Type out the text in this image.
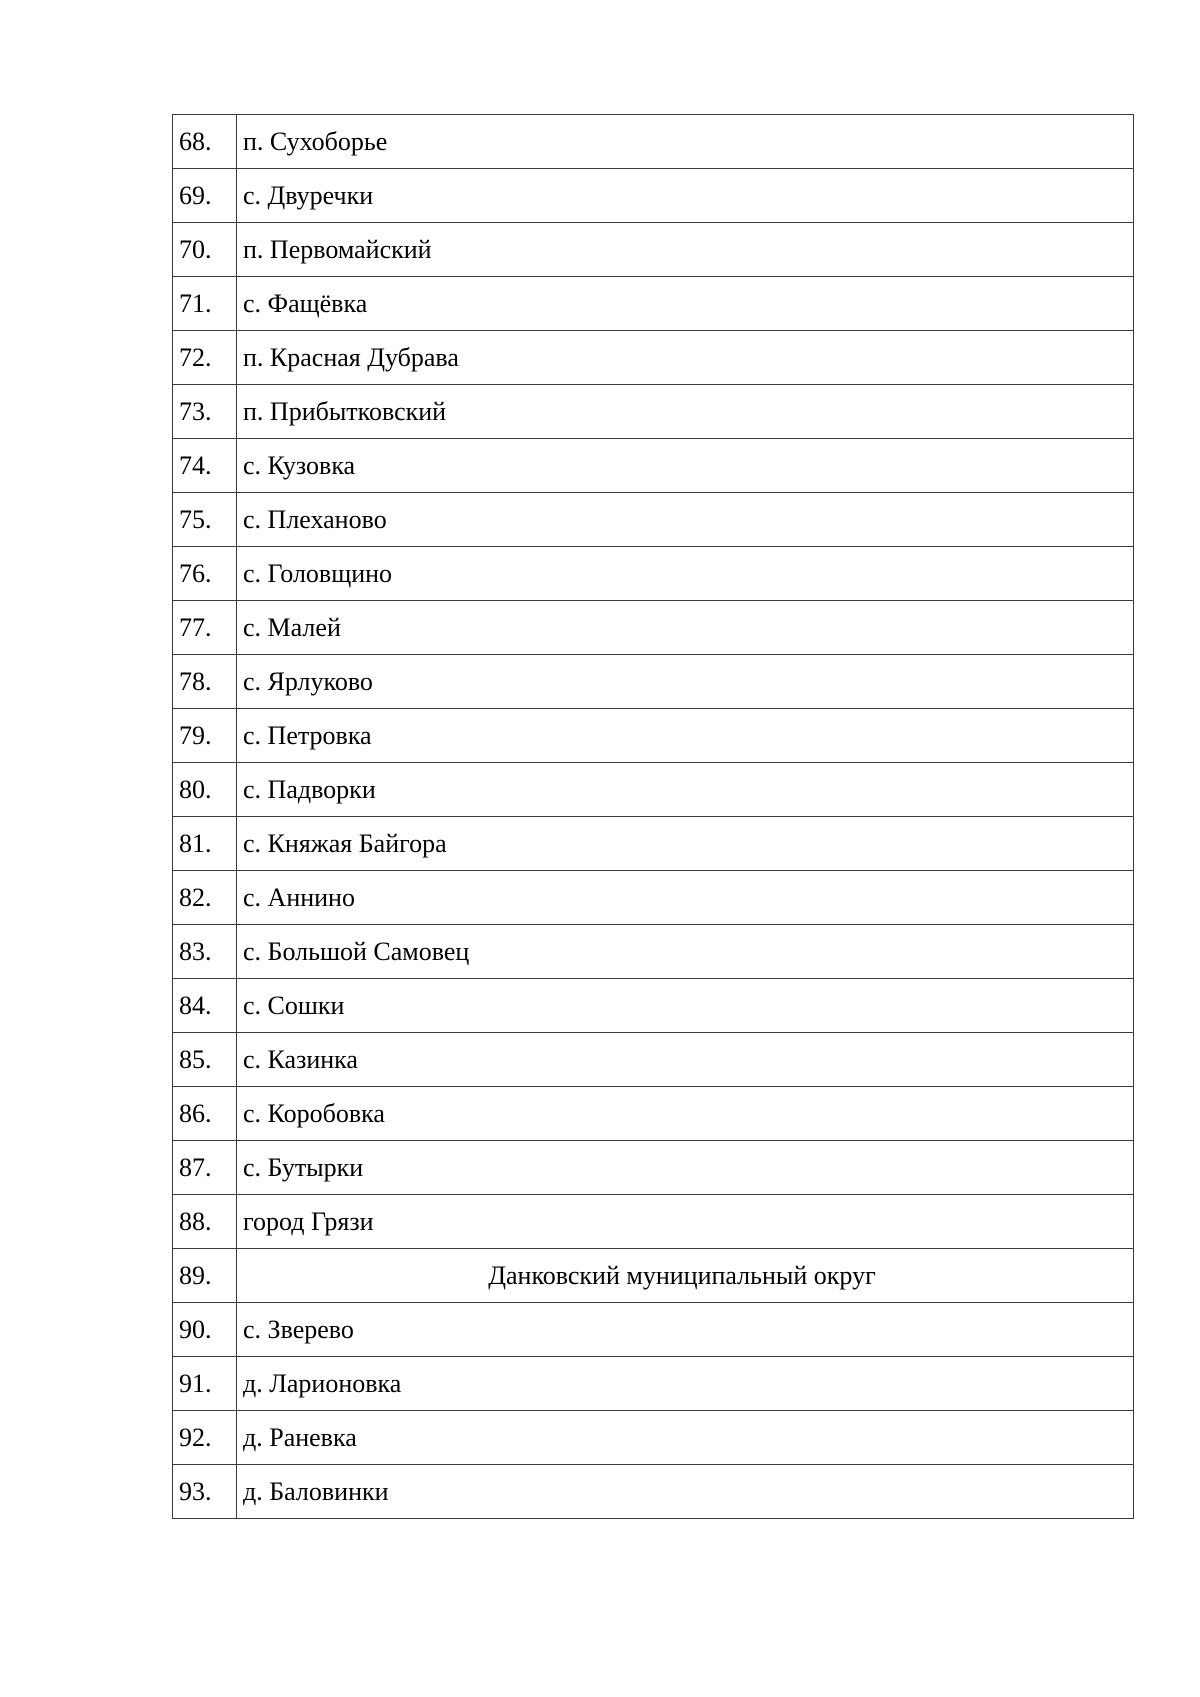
68.	п. Сухоборье
69.	с. Двуречки
70.	п. Первомайский
71.	с. Фащёвка
72.	п. Красная Дубрава
73.	п. Прибытковский
74.	с. Кузовка
75.	с. Плеханово
76.	с. Головщино
77.	с. Малей
78.	с. Ярлуково
79.	с. Петровка
80.	с. Падворки
81.	с. Княжая Байгора
82.	с. Аннино
83.	с. Большой Самовец
84.	с. Сошки
85.	с. Казинка
86.	с. Коробовка
87.	с. Бутырки
88.	город Грязи
89.	Данковский муниципальный округ
90.	с. Зверево
91.	д. Ларионовка
92.	д. Раневка
93.	д. Баловинки
